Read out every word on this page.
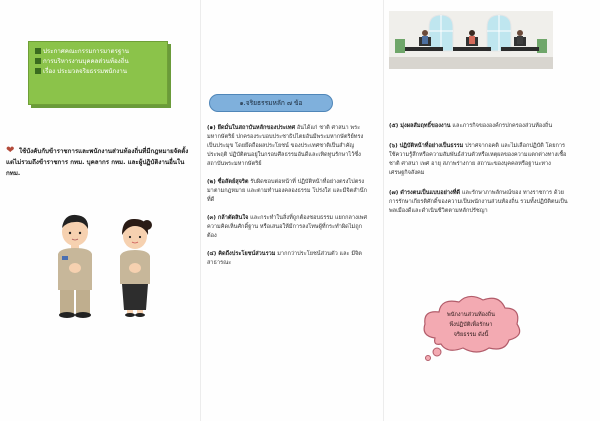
ประกาศคณะกรรมการมาตรฐาน
การบริหารงานบุคคลส่วนท้องถิ่น
เรื่อง ประมวลจริยธรรมพนักงาน
❤ ใช้บังคับกับข้าราชการและพนักงานส่วนท้องถิ่นที่มีกฎหมายจัดตั้ง แต่ไม่รวมถึงข้าราชการ กทม. บุคลากร กทม. และผู้ปฏิบัติงานอื่นใน กทม.
๑.จริยธรรมหลัก ๗ ข้อ

(๑) ยึดมั่นในสถาบันหลักของประเทศ อันได้แก่ ชาติ ศาสนา พระมหากษัตริย์ ปกครองระบอบประชาธิปไตยอันมีพระมหากษัตริย์ทรงเป็นประมุข โดยยึดถือผลประโยชน์ ของประเทศชาติเป็นสำคัญ ประพฤติ ปฏิบัติตนอยู่ในกรอบศีลธรรมอันดีและเทิดทูนรักษาไว้ซึ่งสถาบันพระมหากษัตริย์

(๒) ซื่อสัตย์สุจริต รับผิดชอบต่อหน้าที่ ปฏิบัติหน้าที่อย่างตรงไปตรงมาตามกฎหมาย และตามทำนองคลองธรรม โปร่งใส และมีจิตสำนึกที่ดี

(๓) กล้าตัดสินใจ และกระทำในสิ่งที่ถูกต้องชอบธรรม แยกกลางเพศความคิดเห็นศักดิ์ฐาน หรือเสนอให้มีการลงโทษผู้ที่กระทำผิดไม่ถูกต้อง

(๔) คิดถึงประโยชน์ส่วนรวม มากกว่าประโยชน์ส่วนตัว และ มีจิตสาธารณะ

(๕) มุ่งผลสัมฤทธิ์ของงาน และภารกิจขององค์กรปกครองส่วนท้องถิ่น

(๖) ปฏิบัติหน้าที่อย่างเป็นธรรม ปราศจากอคติ และไม่เลือกปฏิบัติ โดยการใช้ความรู้สึกหรือความสัมพันธ์ส่วนตัวหรือเหตุผลของความแตกต่างทางเชื้อชาติ ศาสนา เพศ อายุ สภาพร่างกาย สถานะของบุคคลหรือฐานะทางเศรษฐกิจสังคม

(๗) ดำรงตนเป็นแบบอย่างที่ดี และรักษาภาพลักษณ์ของ ทางราชการ ด้วยการรักษาเกียรติศักดิ์ของความเป็นพนักงานส่วนท้องถิ่น รวมทั้งปฏิบัติตนเป็นพลเมืองดีและดำเนินชีวิตตามหลักปรัชญา

พนักงานส่วนท้องถิ่น
พึงปฏิบัติเพื่อรักษา
จริยธรรม ดังนี้
